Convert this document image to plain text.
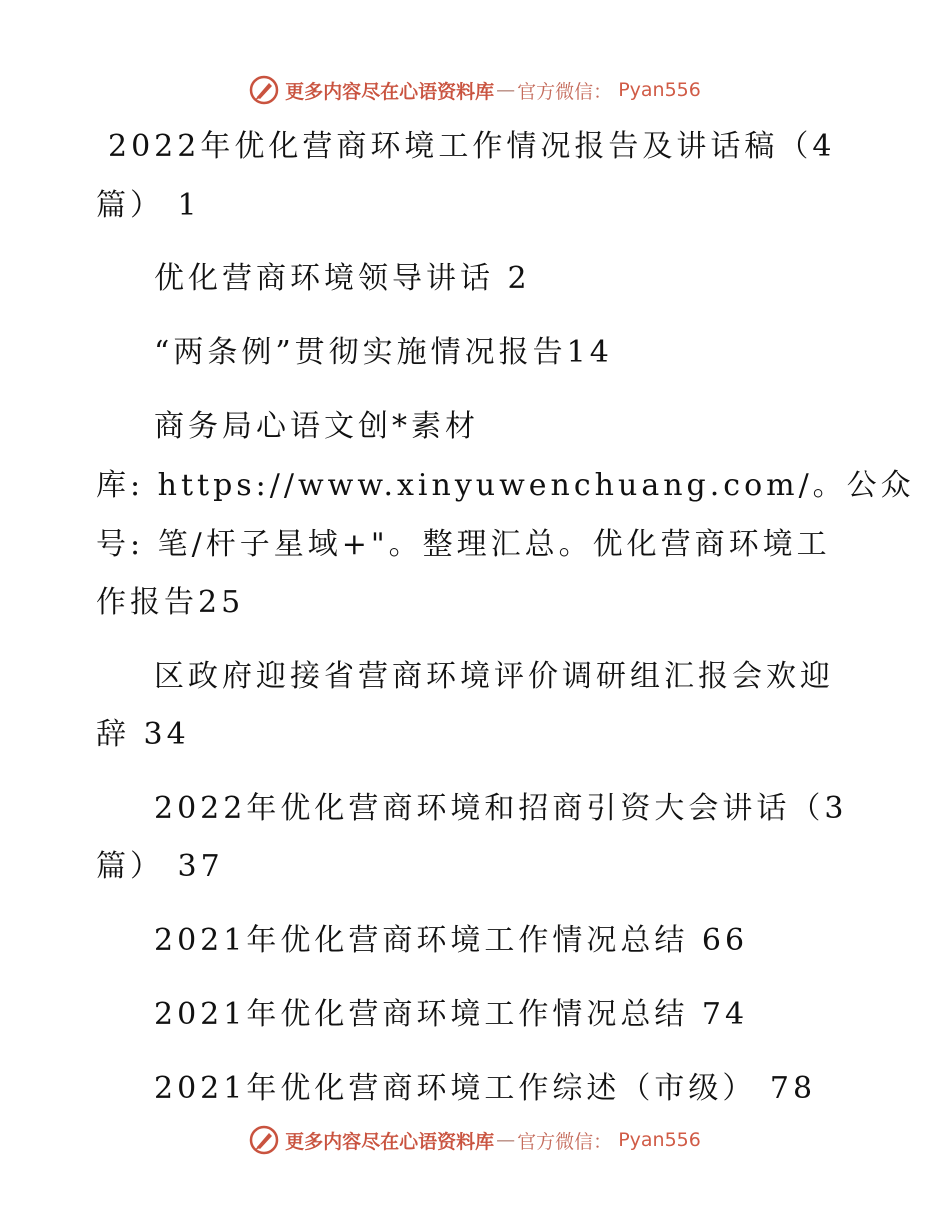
更多内容尽在心语资料库 — 官方微信： Pyan556
2022年优化营商环境工作情况报告及讲话稿（4
篇） 1
优化营商环境领导讲话 2
“两条例”贯彻实施情况报告14
商务局心语文创*素材
库: https://www.xinyuwenchuang.com/。公众
号: 笔/杆子星域+"。整理汇总。优化营商环境工
作报告25
区政府迎接省营商环境评价调研组汇报会欢迎
辞 34
2022年优化营商环境和招商引资大会讲话（3
篇） 37
2021年优化营商环境工作情况总结 66
2021年优化营商环境工作情况总结 74
2021年优化营商环境工作综述（市级） 78
更多内容尽在心语资料库 — 官方微信： Pyan556
